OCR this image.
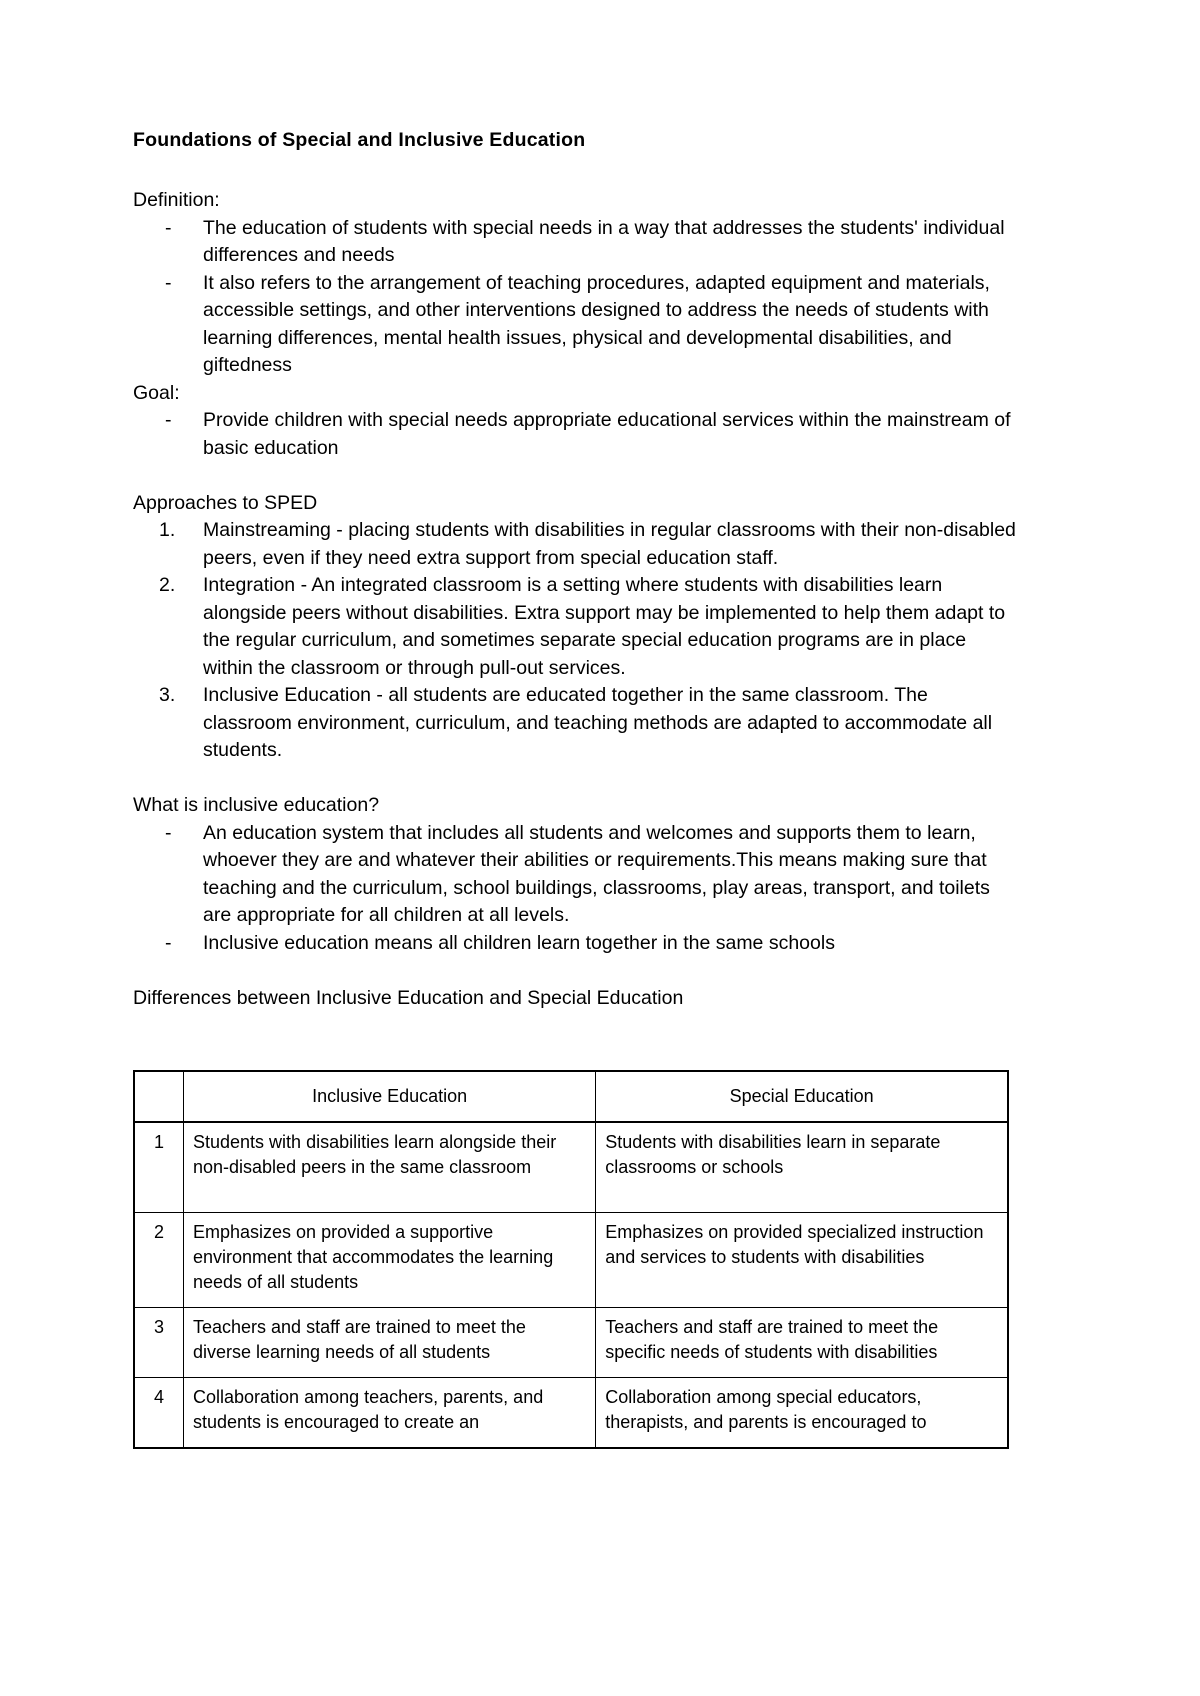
Foundations of Special and Inclusive Education

Definition:

-	The education of students with special needs in a way that addresses the students' individual differences and needs
-	It also refers to the arrangement of teaching procedures, adapted equipment and materials, accessible settings, and other interventions designed to address the needs of students with learning differences, mental health issues, physical and developmental disabilities, and giftedness

Goal:

-	Provide children with special needs appropriate educational services within the mainstream of basic education

Approaches to SPED

1.	Mainstreaming - placing students with disabilities in regular classrooms with their non-disabled peers, even if they need extra support from special education staff.
2.	Integration - An integrated classroom is a setting where students with disabilities learn alongside peers without disabilities. Extra support may be implemented to help them adapt to the regular curriculum, and sometimes separate special education programs are in place within the classroom or through pull-out services.
3.	Inclusive Education - all students are educated together in the same classroom. The classroom environment, curriculum, and teaching methods are adapted to accommodate all students.

What is inclusive education?

-	An education system that includes all students and welcomes and supports them to learn, whoever they are and whatever their abilities or requirements.This means making sure that teaching and the curriculum, school buildings, classrooms, play areas, transport, and toilets are appropriate for all children at all levels.
-	Inclusive education means all children learn together in the same schools

Differences between Inclusive Education and Special Education

	Inclusive Education	Special Education
1	Students with disabilities learn alongside their non-disabled peers in the same classroom	Students with disabilities learn in separate classrooms or schools
2	Emphasizes on provided a supportive environment that accommodates the learning needs of all students	Emphasizes on provided specialized instruction and services to students with disabilities
3	Teachers and staff are trained to meet the diverse learning needs of all students	Teachers and staff are trained to meet the specific needs of students with disabilities
4	Collaboration among teachers, parents, and students is encouraged to create an	Collaboration among special educators, therapists, and parents is encouraged to
